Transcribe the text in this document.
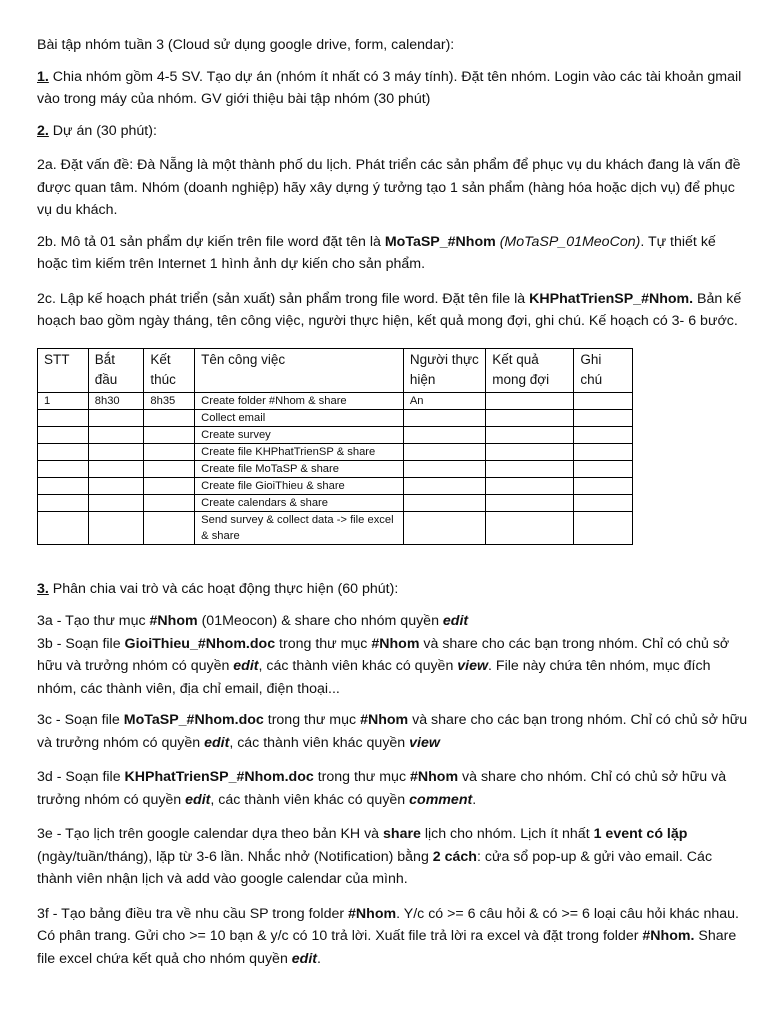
Bài tập nhóm tuần 3 (Cloud sử dụng google drive, form, calendar):

1. Chia nhóm gồm 4-5 SV. Tạo dự án (nhóm ít nhất có 3 máy tính). Đặt tên nhóm. Login vào các tài khoản gmail vào trong máy của nhóm. GV giới thiệu bài tập nhóm (30 phút)

2. Dự án (30 phút):

2a. Đặt vấn đề: Đà Nẵng là một thành phố du lịch. Phát triển các sản phẩm để phục vụ du khách đang là vấn đề được quan tâm. Nhóm (doanh nghiệp) hãy xây dựng ý tưởng tạo 1 sản phẩm (hàng hóa hoặc dịch vụ) để phục vụ du khách.

2b. Mô tả 01 sản phẩm dự kiến trên file word đặt tên là MoTaSP_#Nhom (MoTaSP_01MeoCon). Tự thiết kế hoặc tìm kiếm trên Internet 1 hình ảnh dự kiến cho sản phẩm.

2c. Lập kế hoạch phát triển (sản xuất) sản phẩm trong file word. Đặt tên file là KHPhatTrienSP_#Nhom. Bản kế hoạch bao gồm ngày tháng, tên công việc, người thực hiện, kết quả mong đợi, ghi chú. Kế hoạch có 3- 6 bước.

STT	Bắt đầu	Kết thúc	Tên công việc	Người thực hiện	Kết quả mong đợi	Ghi chú
1	8h30	8h35	Create folder #Nhom & share	An		
			Collect email			
			Create survey			
			Create file KHPhatTrienSP & share			
			Create file MoTaSP & share			
			Create file GioiThieu & share			
			Create calendars & share			
			Send survey & collect data -> file excel & share			

3. Phân chia vai trò và các hoạt động thực hiện (60 phút):

3a - Tạo thư mục #Nhom (01Meocon) & share cho nhóm quyền edit

3b - Soạn file GioiThieu_#Nhom.doc trong thư mục #Nhom và share cho các bạn trong nhóm. Chỉ có chủ sở hữu và trưởng nhóm có quyền edit, các thành viên khác có quyền view. File này chứa tên nhóm, mục đích nhóm, các thành viên, địa chỉ email, điện thoại...

3c - Soạn file MoTaSP_#Nhom.doc trong thư mục #Nhom và share cho các bạn trong nhóm. Chỉ có chủ sở hữu và trưởng nhóm có quyền edit, các thành viên khác quyền view

3d - Soạn file KHPhatTrienSP_#Nhom.doc trong thư mục #Nhom và share cho nhóm. Chỉ có chủ sở hữu và trưởng nhóm có quyền edit, các thành viên khác có quyền comment.

3e - Tạo lịch trên google calendar dựa theo bản KH và share lịch cho nhóm. Lịch ít nhất 1 event có lặp (ngày/tuần/tháng), lặp từ 3-6 lần. Nhắc nhở (Notification) bằng 2 cách: cửa sổ pop-up & gửi vào email. Các thành viên nhận lịch và add vào google calendar của mình.

3f - Tạo bảng điều tra về nhu cầu SP trong folder #Nhom. Y/c có >= 6 câu hỏi & có >= 6 loại câu hỏi khác nhau. Có phân trang. Gửi cho >= 10 bạn & y/c có 10 trả lời. Xuất file trả lời ra excel và đặt trong folder #Nhom. Share file excel chứa kết quả cho nhóm quyền edit.
